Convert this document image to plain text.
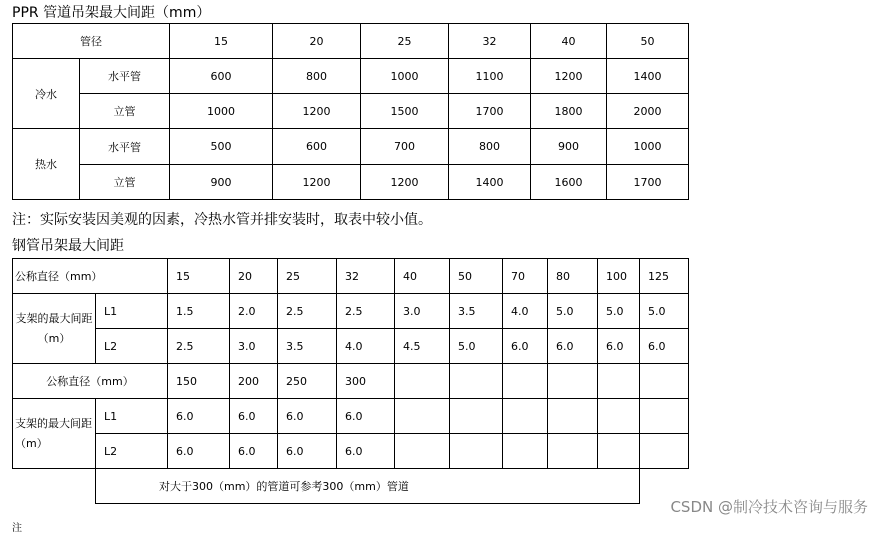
PPR 管道吊架最大间距（mm）
管径		15	20	25	32	40	50
冷水	水平管	600	800	1000	1100	1200	1400
	立管	1000	1200	1500	1700	1800	2000
热水	水平管	500	600	700	800	900	1000
	立管	900	1200	1200	1400	1600	1700
注：实际安装因美观的因素，冷热水管并排安装时，取表中较小值。
钢管吊架最大间距
公称直径（mm）		15	20	25	32	40	50	70	80	100	125
支架的最大间距（m）	L1	1.5	2.0	2.5	2.5	3.0	3.5	4.0	5.0	5.0	5.0
	L2	2.5	3.0	3.5	4.0	4.5	5.0	6.0	6.0	6.0	6.0
公称直径（mm）		150	200	250	300						
支架的最大间距（m）	L1	6.0	6.0	6.0	6.0						
	L2	6.0	6.0	6.0	6.0						
	对大于300（mm）的管道可参考300（mm）管道										
CSDN @制冷技术咨询与服务
注
